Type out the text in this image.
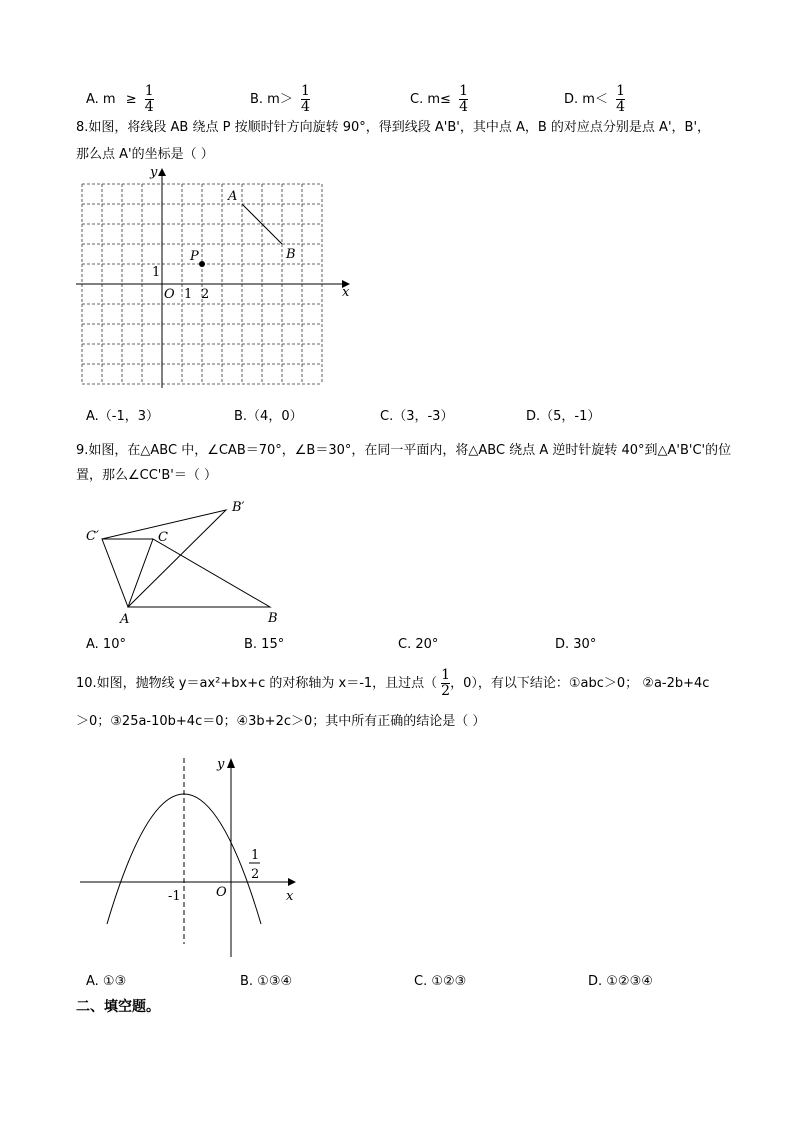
A. $m \ge \frac{1}{4}$	B. $m> \frac{1}{4}$	C. $m\le \frac{1}{4}$	D. $m< \frac{1}{4}$
8.如图，将线段 AB 绕点 P 按顺时针方向旋转 90°，得到线段 A'B'，其中点 A，B 的对应点分别是点 A'，B'，
那么点 A'的坐标是（ ）
x
y
O 1 2
1
P
A
B
A.（-1，3）	B.（4，0）	C.（3，-3）	D.（5，-1）
9.如图，在△ABC 中，∠CAB＝70°，∠B＝30°，在同一平面内，将△ABC 绕点 A 逆时针旋转 40°到△A'B'C'的位
置，那么∠CC'B'＝（ ）
A	B
C
B′
C′
A. 10°	B. 15°	C. 20°	D. 30°
10.如图，抛物线 y＝ax²+bx+c 的对称轴为 x＝-1，且过点（ $\frac{1}{2}$ ，0），有以下结论：①abc＞0； ②a-2b+4c
＞0；③25a-10b+4c＝0；④3b+2c＞0；其中所有正确的结论是（ ）
x
y
O
-1
1
2
A. ①③	B. ①③④	C. ①②③	D. ①②③④
二、填空题。
